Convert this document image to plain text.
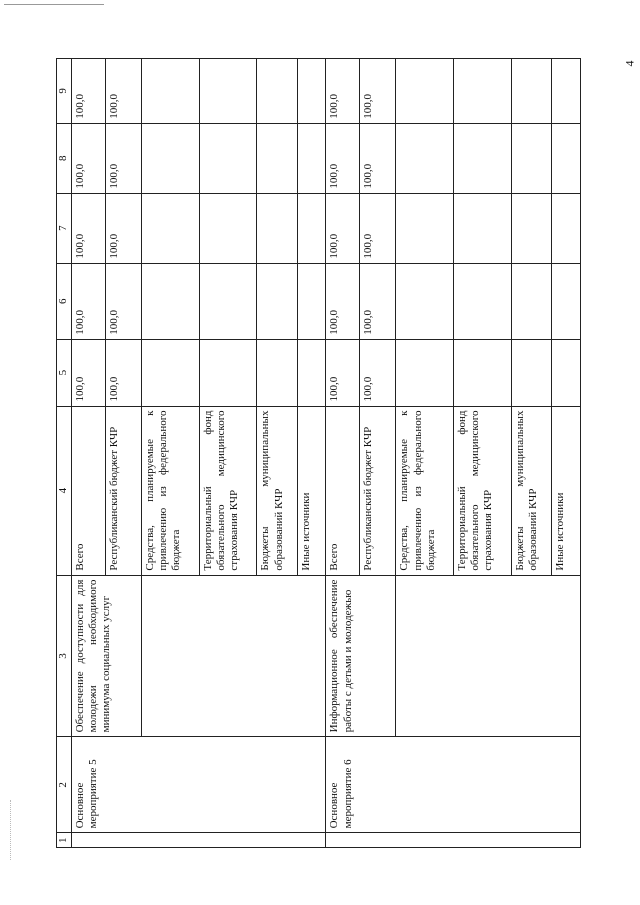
4
1	2	3	4	5	6	7	8	9
	Основное мероприятие 5	Обеспечение доступности для молодежи необходимого минимума социальных услуг	Всего	100,0	100,0	100,0	100,0	100,0
			Республиканский бюджет КЧР	100,0	100,0	100,0	100,0	100,0
			Средства, планируемые к привлечению из федерального бюджета					
			Территориальный фонд обязательного медицинского страхования КЧР					
			Бюджеты муниципальных образований КЧР					
			Иные источники					
	Основное мероприятие 6	Информационное обеспечение работы с детьми и молодежью	Всего	100,0	100,0	100,0	100,0	100,0
			Республиканский бюджет КЧР	100,0	100,0	100,0	100,0	100,0
			Средства, планируемые к привлечению из федерального бюджета					
			Территориальный фонд обязательного медицинского страхования КЧР					
			Бюджеты муниципальных образований КЧР					
			Иные источники					
